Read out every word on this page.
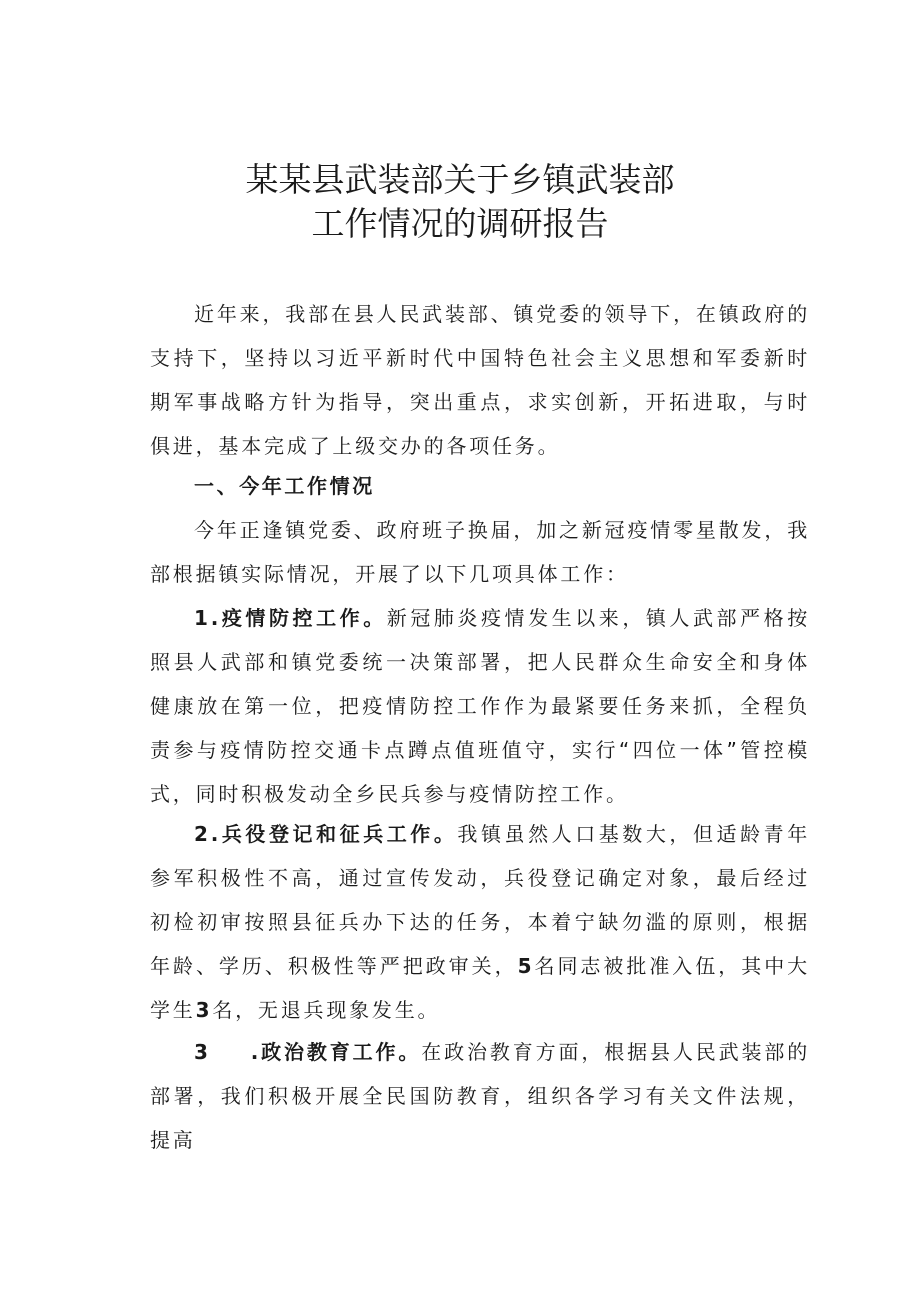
某某县武装部关于乡镇武装部
工作情况的调研报告

近年来，我部在县人民武装部、镇党委的领导下，在镇政府的支持下，坚持以习近平新时代中国特色社会主义思想和军委新时期军事战略方针为指导，突出重点，求实创新，开拓进取，与时俱进，基本完成了上级交办的各项任务。

一、今年工作情况

今年正逢镇党委、政府班子换届，加之新冠疫情零星散发，我部根据镇实际情况，开展了以下几项具体工作：

1.疫情防控工作。新冠肺炎疫情发生以来，镇人武部严格按照县人武部和镇党委统一决策部署，把人民群众生命安全和身体健康放在第一位，把疫情防控工作作为最紧要任务来抓，全程负责参与疫情防控交通卡点蹲点值班值守，实行“四位一体”管控模式，同时积极发动全乡民兵参与疫情防控工作。

2.兵役登记和征兵工作。我镇虽然人口基数大，但适龄青年参军积极性不高，通过宣传发动，兵役登记确定对象，最后经过初检初审按照县征兵办下达的任务，本着宁缺勿滥的原则，根据年龄、学历、积极性等严把政审关，5名同志被批准入伍，其中大学生3名，无退兵现象发生。

3 .政治教育工作。在政治教育方面，根据县人民武装部的部署，我们积极开展全民国防教育，组织各学习有关文件法规，提高
